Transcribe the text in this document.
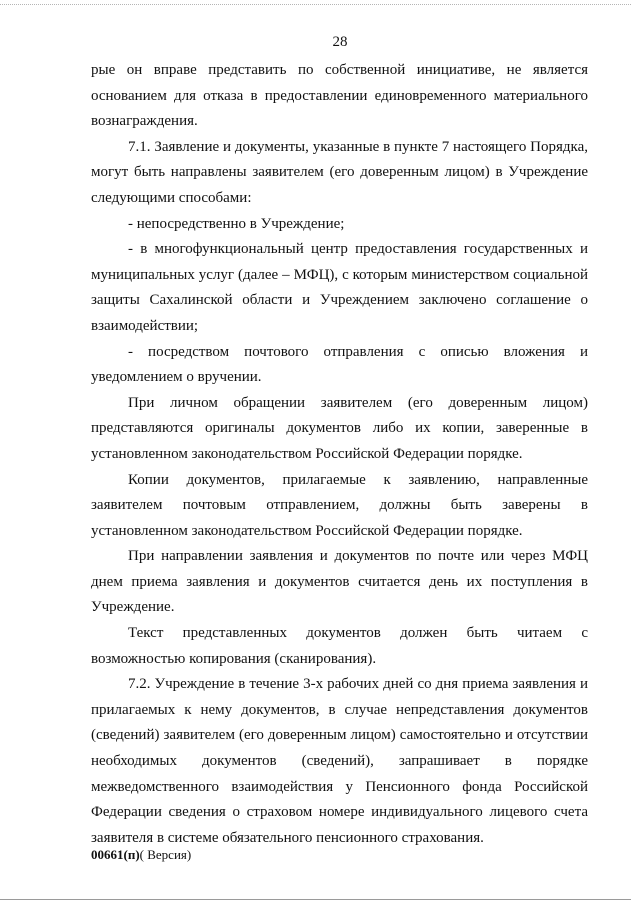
28

рые он вправе представить по собственной инициативе, не является основанием для отказа в предоставлении единовременного материального вознаграждения.

7.1. Заявление и документы, указанные в пункте 7 настоящего Порядка, могут быть направлены заявителем (его доверенным лицом) в Учреждение следующими способами:

- непосредственно в Учреждение;

- в многофункциональный центр предоставления государственных и муниципальных услуг (далее – МФЦ), с которым министерством социальной защиты Сахалинской области и Учреждением заключено соглашение о взаимодействии;

- посредством почтового отправления с описью вложения и уведомлением о вручении.

При личном обращении заявителем (его доверенным лицом) представляются оригиналы документов либо их копии, заверенные в установленном законодательством Российской Федерации порядке.

Копии документов, прилагаемые к заявлению, направленные заявителем почтовым отправлением, должны быть заверены в установленном законодательством Российской Федерации порядке.

При направлении заявления и документов по почте или через МФЦ днем приема заявления и документов считается день их поступления в Учреждение.

Текст представленных документов должен быть читаем с возможностью копирования (сканирования).

7.2. Учреждение в течение 3-х рабочих дней со дня приема заявления и прилагаемых к нему документов, в случае непредставления документов (сведений) заявителем (его доверенным лицом) самостоятельно и отсутствии необходимых документов (сведений), запрашивает в порядке межведомственного взаимодействия у Пенсионного фонда Российской Федерации сведения о страховом номере индивидуального лицевого счета заявителя в системе обязательного пенсионного страхования.

00661(п)( Версия)
